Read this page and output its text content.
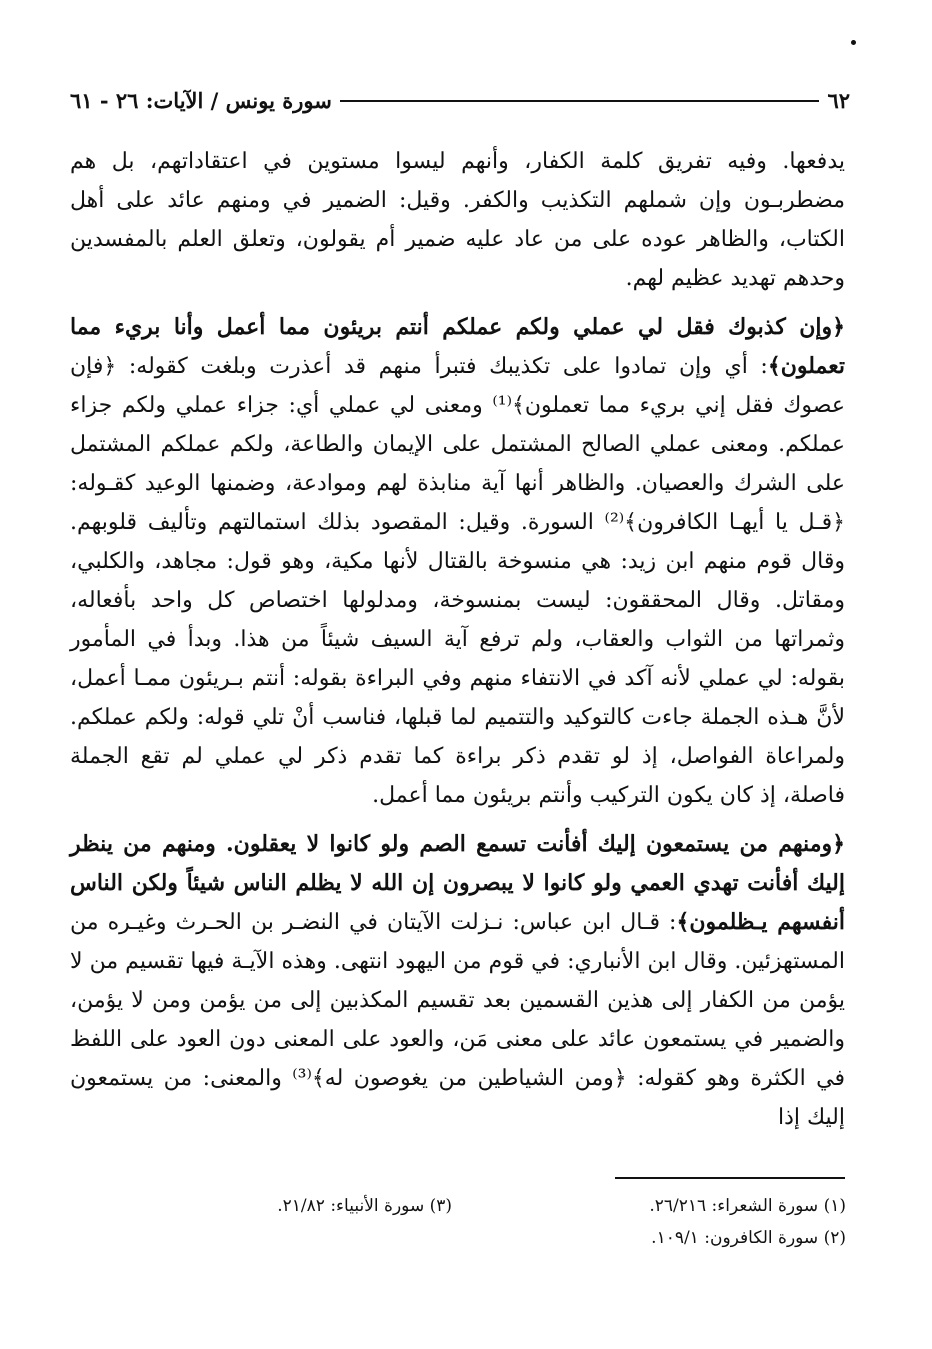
٦٢
سورة يونس / الآيات: ٢٦ - ٦١

يدفعها. وفيه تفريق كلمة الكفار، وأنهم ليسوا مستوين في اعتقاداتهم، بل هم مضطربـون وإن شملهم التكذيب والكفر. وقيل: الضمير في ومنهم عائد على أهل الكتاب، والظاهر عوده على من عاد عليه ضمير أم يقولون، وتعلق العلم بالمفسدين وحدهم تهديد عظيم لهم.

﴿وإن كذبوك فقل لي عملي ولكم عملكم أنتم بريئون مما أعمل وأنا بريء مما تعملون﴾: أي وإن تمادوا على تكذيبك فتبرأ منهم قد أعذرت وبلغت كقوله: ﴿فإن عصوك فقل إني بريء مما تعملون﴾⁽¹⁾ ومعنى لي عملي أي: جزاء عملي ولكم جزاء عملكم. ومعنى عملي الصالح المشتمل على الإيمان والطاعة، ولكم عملكم المشتمل على الشرك والعصيان. والظاهر أنها آية منابذة لهم وموادعة، وضمنها الوعيد كقـوله: ﴿قـل يا أيهـا الكافرون﴾⁽²⁾ السورة. وقيل: المقصود بذلك استمالتهم وتأليف قلوبهم. وقال قوم منهم ابن زيد: هي منسوخة بالقتال لأنها مكية، وهو قول: مجاهد، والكلبي، ومقاتل. وقال المحققون: ليست بمنسوخة، ومدلولها اختصاص كل واحد بأفعاله، وثمراتها من الثواب والعقاب، ولم ترفع آية السيف شيئاً من هذا. وبدأ في المأمور بقوله: لي عملي لأنه آكد في الانتفاء منهم وفي البراءة بقوله: أنتم بـريئون ممـا أعمل، لأنَّ هـذه الجملة جاءت كالتوكيد والتتميم لما قبلها، فناسب أنْ تلي قوله: ولكم عملكم. ولمراعاة الفواصل، إذ لو تقدم ذكر براءة كما تقدم ذكر لي عملي لم تقع الجملة فاصلة، إذ كان يكون التركيب وأنتم بريئون مما أعمل.

﴿ومنهم من يستمعون إليك أفأنت تسمع الصم ولو كانوا لا يعقلون. ومنهم من ينظر إليك أفأنت تهدي العمي ولو كانوا لا يبصرون إن الله لا يظلم الناس شيئاً ولكن الناس أنفسهم يـظلمون﴾: قـال ابن عباس: نـزلت الآيتان في النضـر بن الحـرث وغيـره من المستهزئين. وقال ابن الأنباري: في قوم من اليهود انتهى. وهذه الآيـة فيها تقسيم من لا يؤمن من الكفار إلى هذين القسمين بعد تقسيم المكذبين إلى من يؤمن ومن لا يؤمن، والضمير في يستمعون عائد على معنى مَن، والعود على المعنى دون العود على اللفظ في الكثرة وهو كقوله: ﴿ومن الشياطين من يغوصون له﴾⁽³⁾ والمعنى: من يستمعون إليك إذا

(١) سورة الشعراء: ٢٦/٢١٦.
(٢) سورة الكافرون: ١٠٩/١.
(٣) سورة الأنبياء: ٢١/٨٢.
